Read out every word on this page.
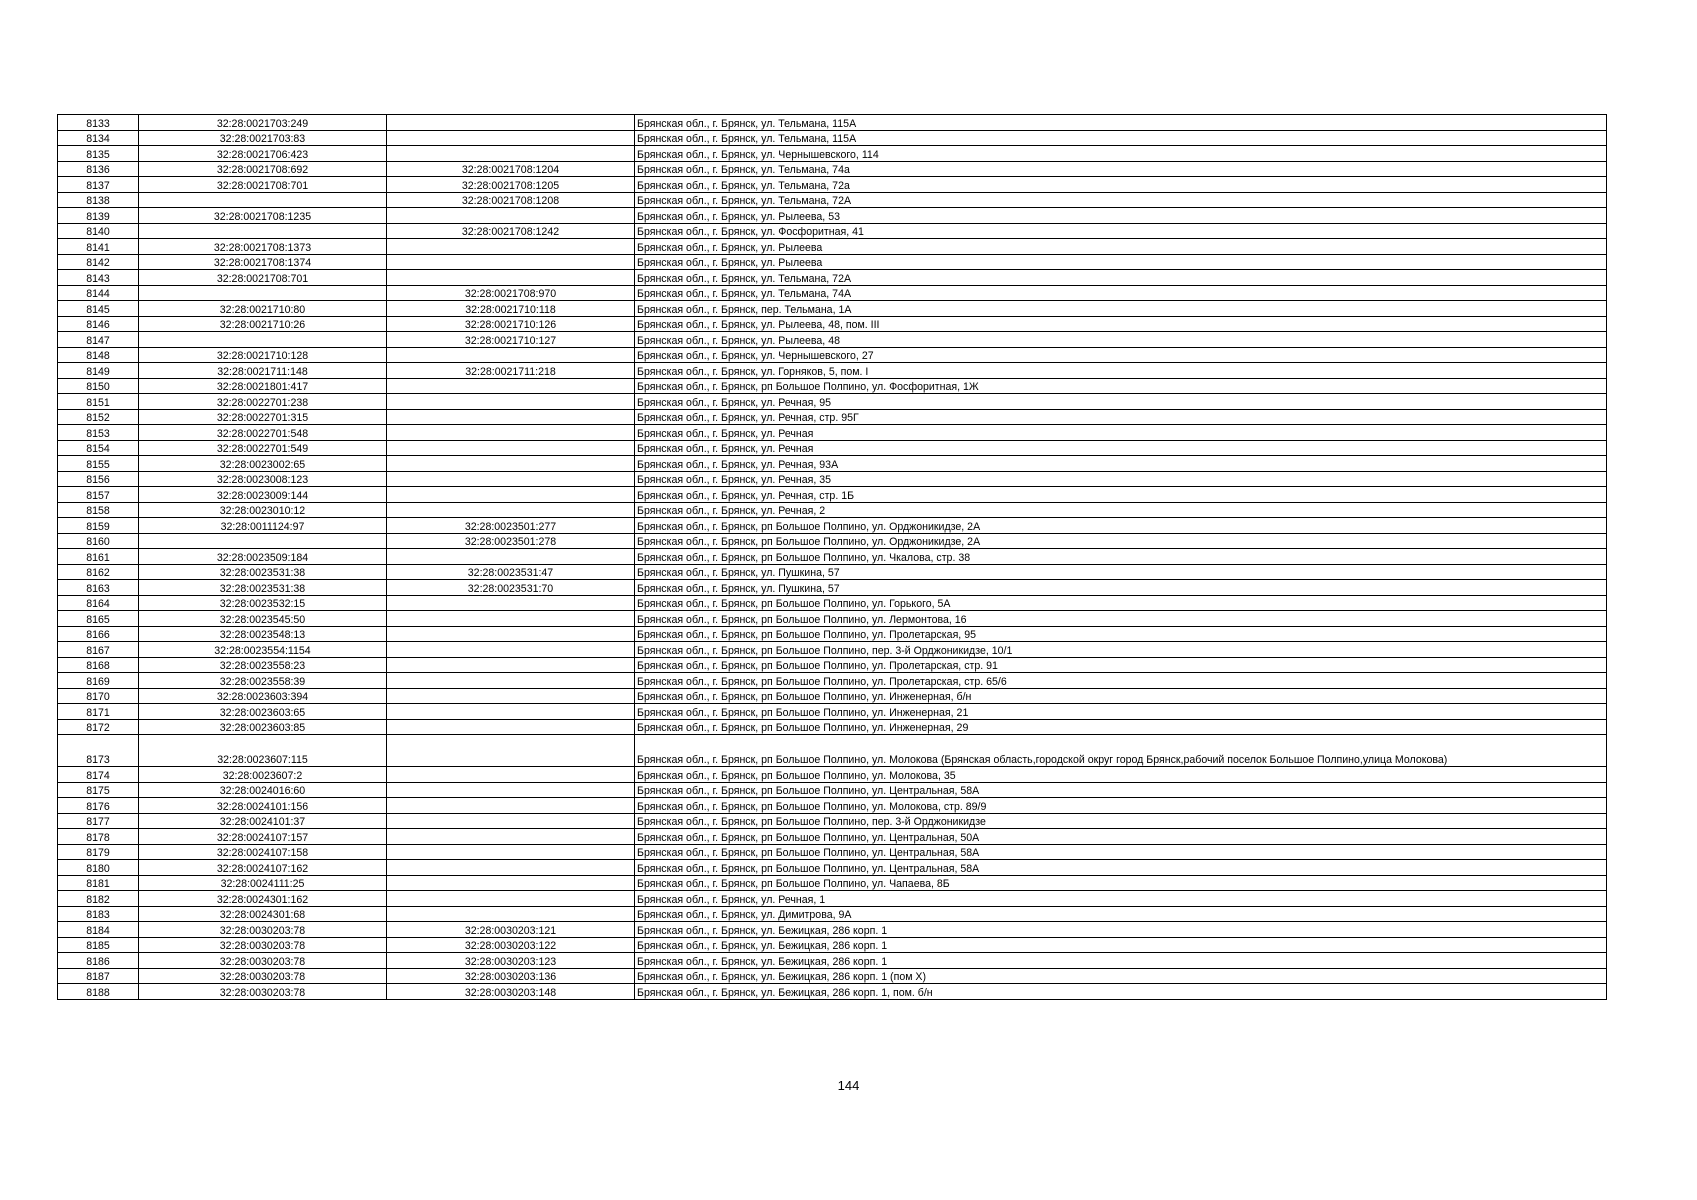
8133	32:28:0021703:249		Брянская обл., г. Брянск, ул. Тельмана, 115А
8134	32:28:0021703:83		Брянская обл., г. Брянск, ул. Тельмана, 115А
8135	32:28:0021706:423		Брянская обл., г. Брянск, ул. Чернышевского, 114
8136	32:28:0021708:692	32:28:0021708:1204	Брянская обл., г. Брянск, ул. Тельмана, 74а
8137	32:28:0021708:701	32:28:0021708:1205	Брянская обл., г. Брянск, ул. Тельмана, 72а
8138		32:28:0021708:1208	Брянская обл., г. Брянск, ул. Тельмана, 72А
8139	32:28:0021708:1235		Брянская обл., г. Брянск, ул. Рылеева, 53
8140		32:28:0021708:1242	Брянская обл., г. Брянск, ул. Фосфоритная, 41
8141	32:28:0021708:1373		Брянская обл., г. Брянск, ул. Рылеева
8142	32:28:0021708:1374		Брянская обл., г. Брянск, ул. Рылеева
8143	32:28:0021708:701		Брянская обл., г. Брянск, ул. Тельмана, 72А
8144		32:28:0021708:970	Брянская обл., г. Брянск, ул. Тельмана, 74А
8145	32:28:0021710:80	32:28:0021710:118	Брянская обл., г. Брянск, пер. Тельмана, 1А
8146	32:28:0021710:26	32:28:0021710:126	Брянская обл., г. Брянск, ул. Рылеева, 48, пом. III
8147		32:28:0021710:127	Брянская обл., г. Брянск, ул. Рылеева, 48
8148	32:28:0021710:128		Брянская обл., г. Брянск, ул. Чернышевского, 27
8149	32:28:0021711:148	32:28:0021711:218	Брянская обл., г. Брянск, ул. Горняков, 5, пом. I
8150	32:28:0021801:417		Брянская обл., г. Брянск, рп Большое Полпино, ул. Фосфоритная, 1Ж
8151	32:28:0022701:238		Брянская обл., г. Брянск, ул. Речная, 95
8152	32:28:0022701:315		Брянская обл., г. Брянск, ул. Речная, стр. 95Г
8153	32:28:0022701:548		Брянская обл., г. Брянск, ул. Речная
8154	32:28:0022701:549		Брянская обл., г. Брянск, ул. Речная
8155	32:28:0023002:65		Брянская обл., г. Брянск, ул. Речная, 93А
8156	32:28:0023008:123		Брянская обл., г. Брянск, ул. Речная, 35
8157	32:28:0023009:144		Брянская обл., г. Брянск, ул. Речная, стр. 1Б
8158	32:28:0023010:12		Брянская обл., г. Брянск, ул. Речная, 2
8159	32:28:0011124:97	32:28:0023501:277	Брянская обл., г. Брянск, рп Большое Полпино, ул. Орджоникидзе, 2А
8160		32:28:0023501:278	Брянская обл., г. Брянск, рп Большое Полпино, ул. Орджоникидзе, 2А
8161	32:28:0023509:184		Брянская обл., г. Брянск, рп Большое Полпино, ул. Чкалова, стр. 38
8162	32:28:0023531:38	32:28:0023531:47	Брянская обл., г. Брянск, ул. Пушкина, 57
8163	32:28:0023531:38	32:28:0023531:70	Брянская обл., г. Брянск, ул. Пушкина, 57
8164	32:28:0023532:15		Брянская обл., г. Брянск, рп Большое Полпино, ул. Горького, 5А
8165	32:28:0023545:50		Брянская обл., г. Брянск, рп Большое Полпино, ул. Лермонтова, 16
8166	32:28:0023548:13		Брянская обл., г. Брянск, рп Большое Полпино, ул. Пролетарская, 95
8167	32:28:0023554:1154		Брянская обл., г. Брянск, рп Большое Полпино, пер. 3-й Орджоникидзе, 10/1
8168	32:28:0023558:23		Брянская обл., г. Брянск, рп Большое Полпино, ул. Пролетарская, стр. 91
8169	32:28:0023558:39		Брянская обл., г. Брянск, рп Большое Полпино, ул. Пролетарская, стр. 65/6
8170	32:28:0023603:394		Брянская обл., г. Брянск, рп Большое Полпино, ул. Инженерная, б/н
8171	32:28:0023603:65		Брянская обл., г. Брянск, рп Большое Полпино, ул. Инженерная, 21
8172	32:28:0023603:85		Брянская обл., г. Брянск, рп Большое Полпино, ул. Инженерная, 29
8173	32:28:0023607:115		Брянская обл., г. Брянск, рп Большое Полпино, ул. Молокова (Брянская область,городской округ город Брянск,рабочий поселок Большое Полпино,улица Молокова)
8174	32:28:0023607:2		Брянская обл., г. Брянск, рп Большое Полпино, ул. Молокова, 35
8175	32:28:0024016:60		Брянская обл., г. Брянск, рп Большое Полпино, ул. Центральная, 58А
8176	32:28:0024101:156		Брянская обл., г. Брянск, рп Большое Полпино, ул. Молокова, стр. 89/9
8177	32:28:0024101:37		Брянская обл., г. Брянск, рп Большое Полпино, пер. 3-й Орджоникидзе
8178	32:28:0024107:157		Брянская обл., г. Брянск, рп Большое Полпино, ул. Центральная, 50А
8179	32:28:0024107:158		Брянская обл., г. Брянск, рп Большое Полпино, ул. Центральная, 58А
8180	32:28:0024107:162		Брянская обл., г. Брянск, рп Большое Полпино, ул. Центральная, 58А
8181	32:28:0024111:25		Брянская обл., г. Брянск, рп Большое Полпино, ул. Чапаева, 8Б
8182	32:28:0024301:162		Брянская обл., г. Брянск, ул. Речная, 1
8183	32:28:0024301:68		Брянская обл., г. Брянск, ул. Димитрова, 9А
8184	32:28:0030203:78	32:28:0030203:121	Брянская обл., г. Брянск, ул. Бежицкая, 286 корп. 1
8185	32:28:0030203:78	32:28:0030203:122	Брянская обл., г. Брянск, ул. Бежицкая, 286 корп. 1
8186	32:28:0030203:78	32:28:0030203:123	Брянская обл., г. Брянск, ул. Бежицкая, 286 корп. 1
8187	32:28:0030203:78	32:28:0030203:136	Брянская обл., г. Брянск, ул. Бежицкая, 286 корп. 1 (пом X)
8188	32:28:0030203:78	32:28:0030203:148	Брянская обл., г. Брянск, ул. Бежицкая, 286 корп. 1, пом. б/н
144
